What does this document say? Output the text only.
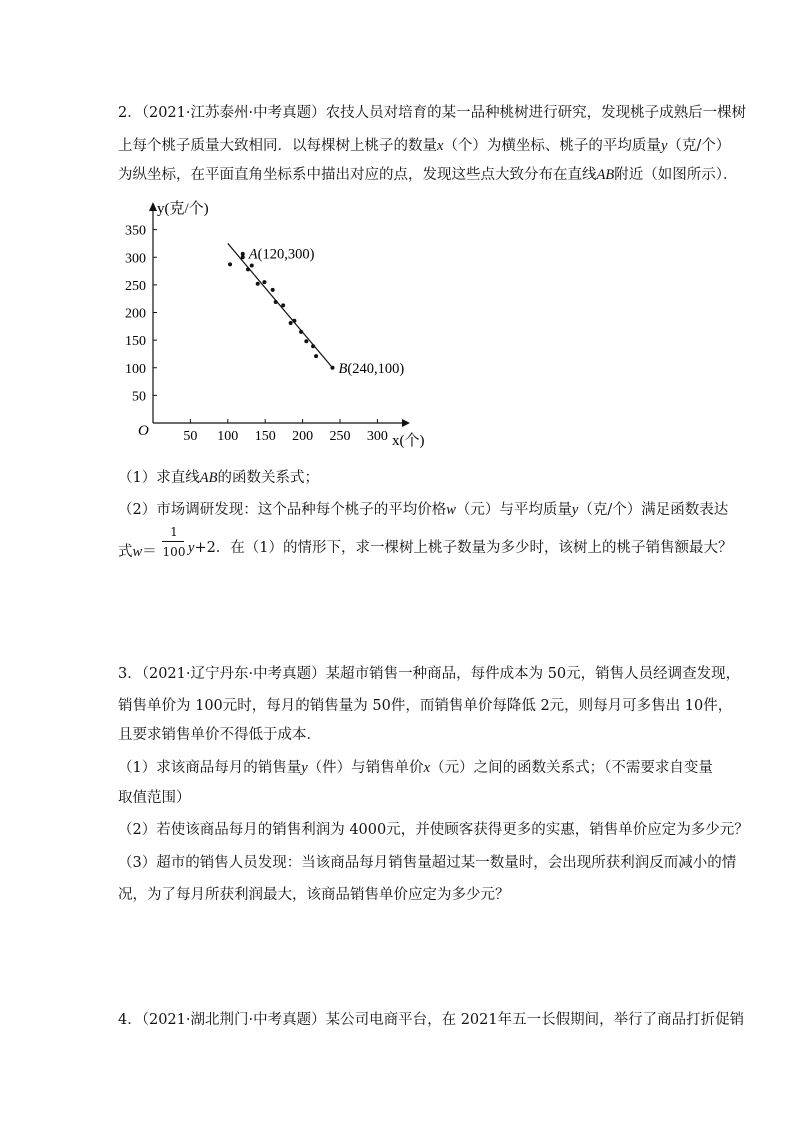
2．（2021·江苏泰州·中考真题）农技人员对培育的某一品种桃树进行研究，发现桃子成熟后一棵树
上每个桃子质量大致相同．以每棵树上桃子的数量x（个）为横坐标、桃子的平均质量y（克/个）
为纵坐标，在平面直角坐标系中描出对应的点，发现这些点大致分布在直线AB附近（如图所示）．
y(克/个)
x(个)
O 50 100 150 200 250 300
50
100
150
200
250
300
350
A(120,300)
B(240,100)
（1）求直线AB的函数关系式；
（2）市场调研发现：这个品种每个桃子的平均价格w（元）与平均质量y（克/个）满足函数表达
式w＝
1
100 y+2．在（1）的情形下，求一棵树上桃子数量为多少时，该树上的桃子销售额最大？
3．（2021·辽宁丹东·中考真题）某超市销售一种商品，每件成本为 50元，销售人员经调查发现，
销售单价为 100元时，每月的销售量为 50件，而销售单价每降低 2元，则每月可多售出 10件，
且要求销售单价不得低于成本．
（1）求该商品每月的销售量y（件）与销售单价x（元）之间的函数关系式；（不需要求自变量
取值范围）
（2）若使该商品每月的销售利润为 4000元，并使顾客获得更多的实惠，销售单价应定为多少元？
（3）超市的销售人员发现：当该商品每月销售量超过某一数量时，会出现所获利润反而减小的情
况，为了每月所获利润最大，该商品销售单价应定为多少元？
4．（2021·湖北荆门·中考真题）某公司电商平台，在 2021年五一长假期间，举行了商品打折促销
